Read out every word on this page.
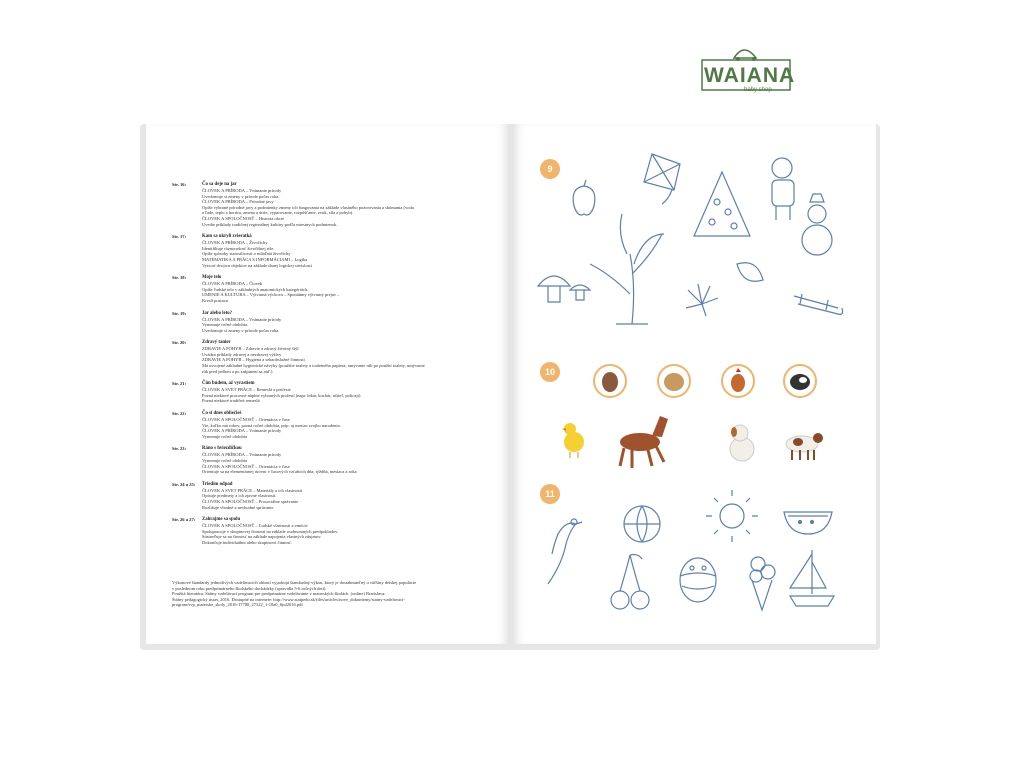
WAIANA
baby shop
Str. 16:	Čo sa deje na jar
ČLOVEK A PRÍRODA – Vnímanie prírody
Uvedomuje si zmeny v prírode počas roka.
ČLOVEK A PRÍRODA – Prírodné javy
Opíše vybrané prírodné javy a podmienky zmeny ich fungovania na základe vlastného pozorovania a skúmania (voda
a ľade, teplo a horúca, zmena a útrie, vyparovanie, rozpúšťanie, zvuk, sila a pohyb).
ČLOVEK A SPOLOČNOSŤ – Historia obcie
Uvedie príklady tradičnej regionálnej kultúry podľa miestnych podmienok.
Str. 17:	Kam sa ukryli zvieratká
ČLOVEK A PRÍRODA – Živočíchy
Identifikuje rôznorodosť živočíšnej ríše.
Opíše spôsoby starostlivosti o mláďatá živočíchy
MATEMATIKA A PRÁCA S INFORMÁCIAMI – Logika
Vytvorí dvojicu objektov na základe danej logickej súvislosti
Str. 18:	Moje telo
ČLOVEK A PRÍRODA – Človek
Opíše ľudské telo v základných anatomických kategóriách.
UMENIE A KULTÚRA – Výtvarná výchova – Spontánny výtvarný prejav –
Kreslí postavu
Str. 19:	Jar alebo leto?
ČLOVEK A PRÍRODA – Vnímanie prírody
Vymenuje ročné obdobia.
Uvedomuje si zmeny v prírode počas roka.
Str. 20:	Zdravý tanier
ZDRAVIE A POHYB – Zdravie a zdravý životný štýl
Uvádza príklady zdravej a nezdravej výživy
ZDRAVIE A POHYB – Hygiena a sebaobslužné činnosti
Má osvojené základné hygienické návyky (použitie toalety a toaletného papiera, umývanie rúk po použití toalety, umývanie
rúk pred jedlom a po zašpinení sa atď.).
Str. 21:	Čím budem, až vyrastiem
ČLOVEK A SVET PRÁCE – Remeslá a profesie
Pozná niektoré pracovné náplne vybraných profesií (napr. lekár, kuchár, učiteľ, policajt).
Pozná niektoré tradičné remeslá
Str. 22:	Čo si dnes obliečieš
ČLOVEK A SPOLOČNOSŤ – Orientácia v čase
Vie, koľko má rokov, pozná ročné obdobia, príp. aj mesiac svojho narodenia.
ČLOVEK A PRÍRODA – Vnímanie prírody
Vymenuje ročné obdobia
Str. 23:	Ráno s hviezdičkou
ČLOVEK A PRÍRODA – Vnímanie prírody
Vymenuje ročné obdobia
ČLOVEK A SPOLOČNOSŤ – Orientácia v čase
Orientuje sa na elementárnej úrovni v časových vzťahoch dňa, týždňa, mesiaca a roka
Str. 24 a 25:	Triedím odpad
ČLOVEK A SVET PRÁCE – Materiály a ich vlastnosti
Opisuje predmety a ich zjavné vlastnosti.
ČLOVEK A SPOLOČNOSŤ – Prosociálne správanie
Rozlišuje vhodné a nevhodné správanie
Str. 26 a 27:	Zahrajme sa spolu
ČLOVEK A SPOLOČNOSŤ – Ľudské vlastnosti a emócie
Spolupracuje v skupinovej činnosti na základe osobnostných predpokladov.
Sústreďuje sa na činnosť na základe napojenia vlastných záujmov.
Dokončuje individuálnu alebo skupinovú činnosť.
Výkonové štandardy jednotlivých vzdelávacích oblastí vyjadrujú štandardný výkon, ktorý je dosiahnuteľný u väčšiny detskej populácie
v poslednom roku predprimárneho školského dochádzky (spravidla 5-6 ročných detí).
Použitá literatúra: Štátny vzdelávací program pre predprimárne vzdelávanie v materských školách. (online) Bratislava:
Štátny pedagogický ústav, 2016. Dostupné na internete: http://www.statpedu.sk/files/articles/nove_dokumenty/statny-vzdelavaci-
program/svp_materske_skoly_2016-17780_27322_1-10a0_6jul2016.pdf
9
10
11
